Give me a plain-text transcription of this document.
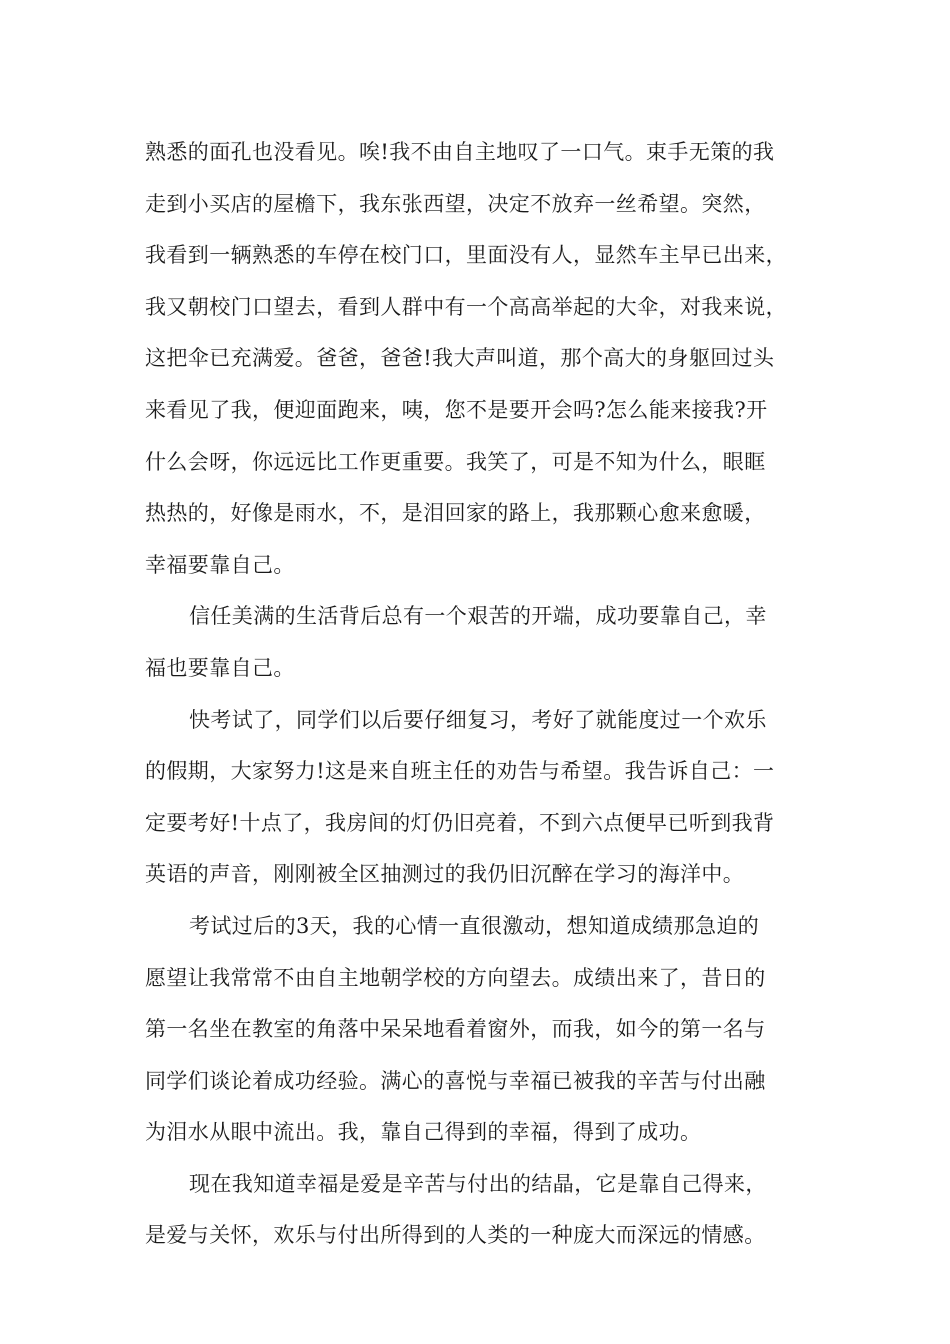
熟悉的面孔也没看见。唉!我不由自主地叹了一口气。束手无策的我
走到小买店的屋檐下，我东张西望，决定不放弃一丝希望。突然，
我看到一辆熟悉的车停在校门口，里面没有人，显然车主早已出来，
我又朝校门口望去，看到人群中有一个高高举起的大伞，对我来说，
这把伞已充满爱。爸爸，爸爸!我大声叫道，那个高大的身躯回过头
来看见了我，便迎面跑来，咦，您不是要开会吗?怎么能来接我?开
什么会呀，你远远比工作更重要。我笑了，可是不知为什么，眼眶
热热的，好像是雨水，不，是泪回家的路上，我那颗心愈来愈暖，
幸福要靠自己。
信任美满的生活背后总有一个艰苦的开端，成功要靠自己，幸
福也要靠自己。
快考试了，同学们以后要仔细复习，考好了就能度过一个欢乐
的假期，大家努力!这是来自班主任的劝告与希望。我告诉自己：一
定要考好!十点了，我房间的灯仍旧亮着，不到六点便早已听到我背
英语的声音，刚刚被全区抽测过的我仍旧沉醉在学习的海洋中。
考试过后的3天，我的心情一直很激动，想知道成绩那急迫的
愿望让我常常不由自主地朝学校的方向望去。成绩出来了，昔日的
第一名坐在教室的角落中呆呆地看着窗外，而我，如今的第一名与
同学们谈论着成功经验。满心的喜悦与幸福已被我的辛苦与付出融
为泪水从眼中流出。我，靠自己得到的幸福，得到了成功。
现在我知道幸福是爱是辛苦与付出的结晶，它是靠自己得来，
是爱与关怀，欢乐与付出所得到的人类的一种庞大而深远的情感。
